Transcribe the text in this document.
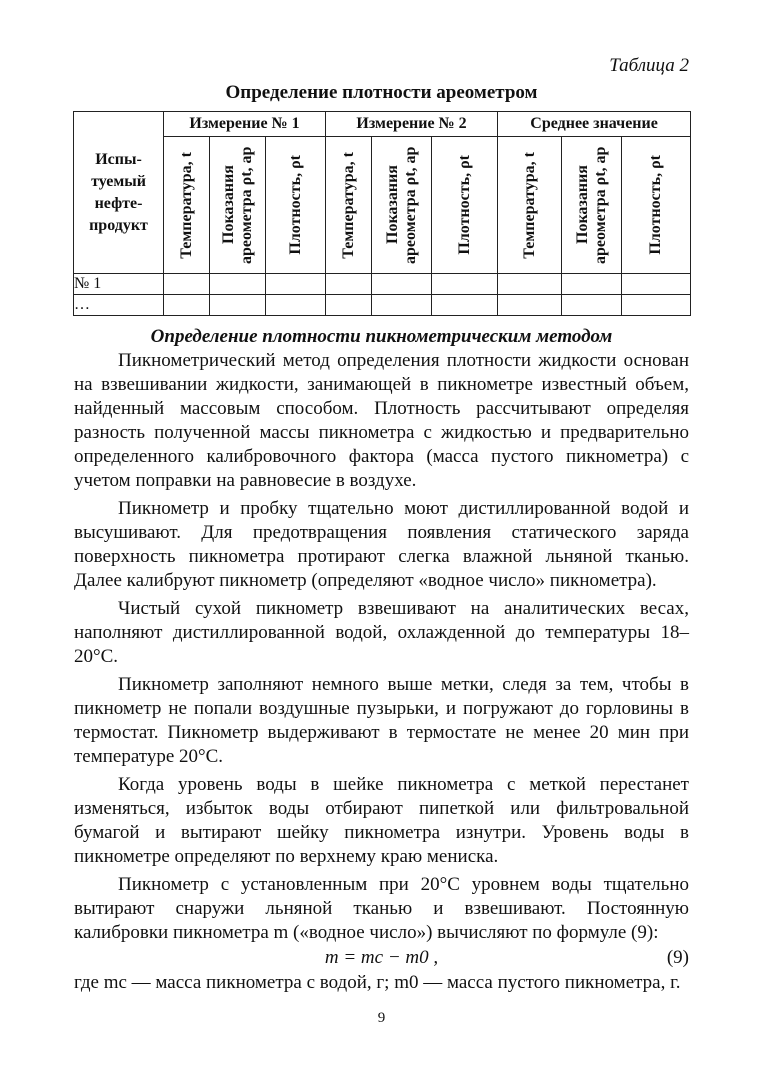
Таблица 2
Определение плотности ареометром
Испы-туемый нефте-продукт	Измерение № 1			Измерение № 2			Среднее значение		

	Температура, t	Показания ареометра ρt, ар	Плотность, ρt	Температура, t	Показания ареометра ρt, ар	Плотность, ρt	Температура, t	Показания ареометра ρt, ар	Плотность, ρt

№ 1									
…									
Определение плотности пикнометрическим методом

Пикнометрический метод определения плотности жидкости основан на взвешивании жидкости, занимающей в пикнометре известный объем, найденный массовым способом. Плотность рассчитывают определяя разность полученной массы пикнометра с жидкостью и предварительно определенного калибровочного фактора (масса пустого пикнометра) с учетом поправки на равновесие в воздухе.

Пикнометр и пробку тщательно моют дистиллированной водой и высушивают. Для предотвращения появления статического заряда поверхность пикнометра протирают слегка влажной льняной тканью. Далее калибруют пикнометр (определяют «водное число» пикнометра).

Чистый сухой пикнометр взвешивают на аналитических весах, наполняют дистиллированной водой, охлажденной до температуры 18–20°С.

Пикнометр заполняют немного выше метки, следя за тем, чтобы в пикнометр не попали воздушные пузырьки, и погружают до горловины в термостат. Пикнометр выдерживают в термостате не менее 20 мин при температуре 20°С.

Когда уровень воды в шейке пикнометра с меткой перестанет изменяться, избыток воды отбирают пипеткой или фильтровальной бумагой и вытирают шейку пикнометра изнутри. Уровень воды в пикнометре определяют по верхнему краю мениска.

Пикнометр с установленным при 20°С уровнем воды тщательно вытирают снаружи льняной тканью и взвешивают. Постоянную калибровки пикнометра m («водное число») вычисляют по формуле (9):

m = mc − m0 ,	(9)

где mc — масса пикнометра с водой, г; m0 — масса пустого пикнометра, г.

9
